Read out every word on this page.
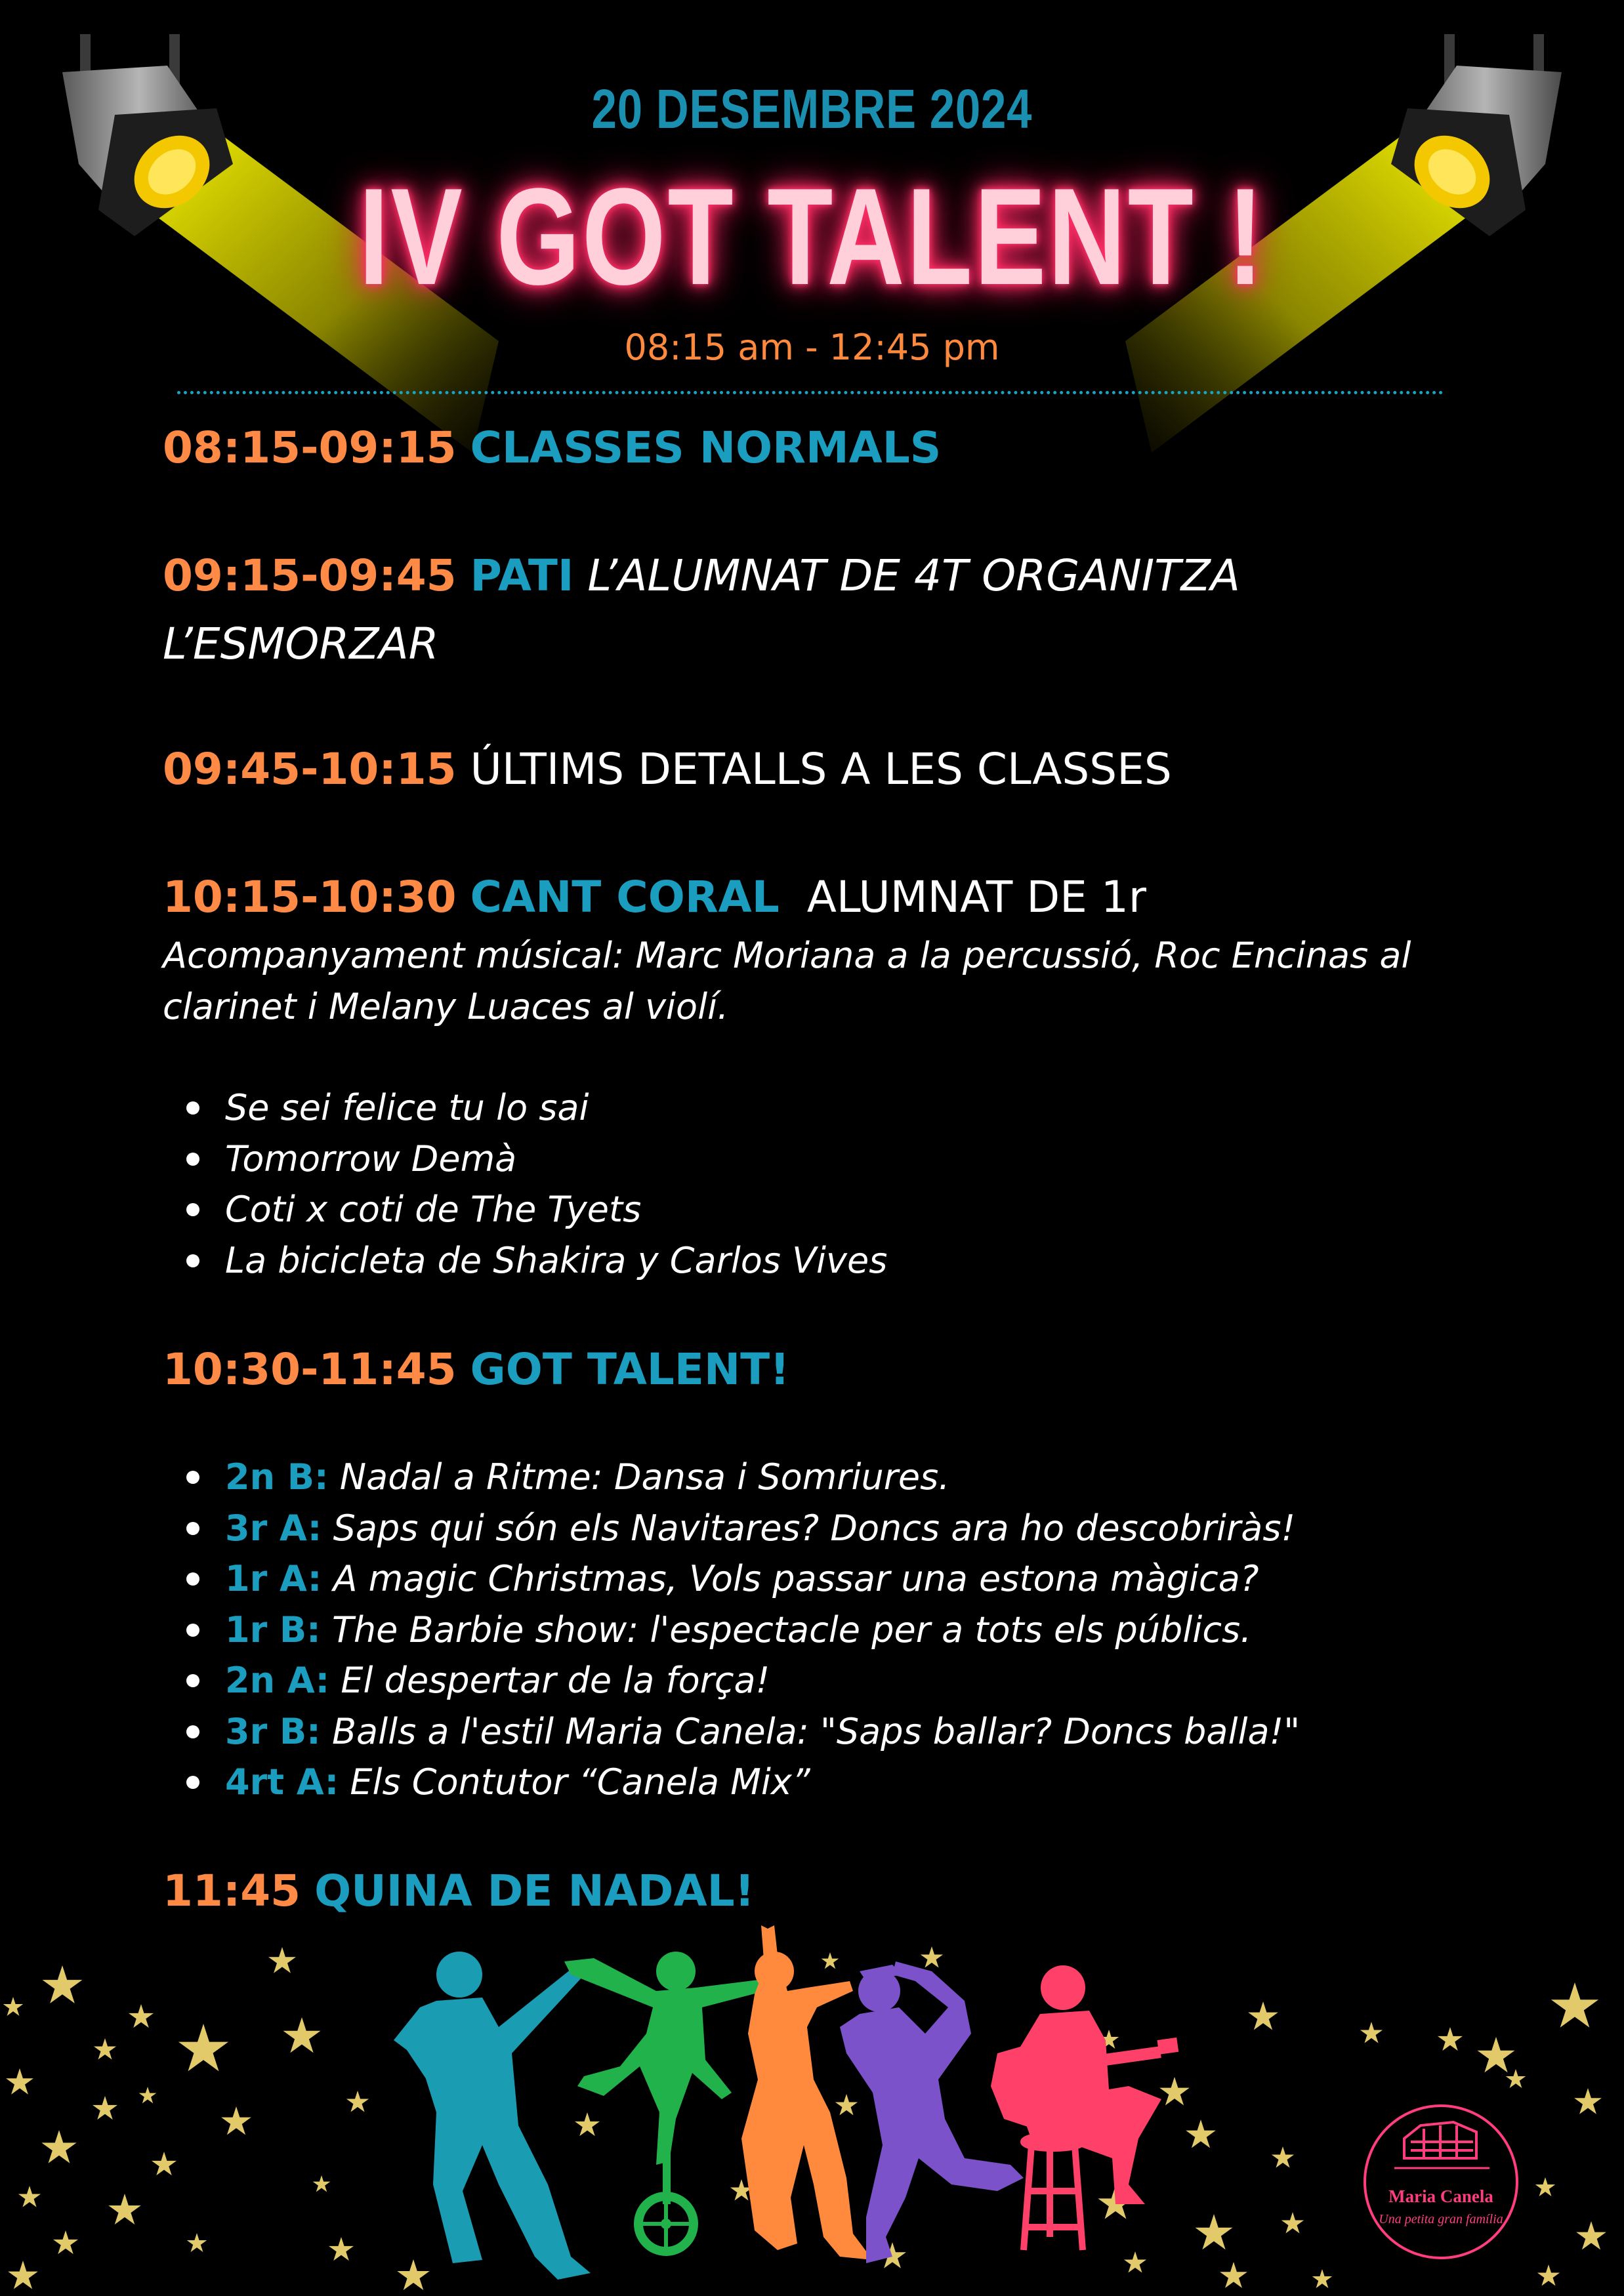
20 DESEMBRE 2024
IV GOT TALENT !
08:15 am - 12:45 pm
08:15-09:15 CLASSES NORMALS
09:15-09:45 PATI L’ALUMNAT DE 4T ORGANITZA
L’ESMORZAR
09:45-10:15 ÚLTIMS DETALLS A LES CLASSES
10:15-10:30 CANT CORAL ALUMNAT DE 1r
Acompanyament músical: Marc Moriana a la percussió, Roc Encinas al
clarinet i Melany Luaces al violí.
Se sei felice tu lo sai
Tomorrow Demà
Coti x coti de The Tyets
La bicicleta de Shakira y Carlos Vives
10:30-11:45 GOT TALENT!
2n B: Nadal a Ritme: Dansa i Somriures.
3r A: Saps qui són els Navitares? Doncs ara ho descobriràs!
1r A: A magic Christmas, Vols passar una estona màgica?
1r B: The Barbie show: l'espectacle per a tots els públics.
2n A: El despertar de la força!
3r B: Balls a l'estil Maria Canela: "Saps ballar? Doncs balla!"
4rt A: Els Contutor “Canela Mix”
11:45 QUINA DE NADAL!
Maria Canela
Una petita gran família
